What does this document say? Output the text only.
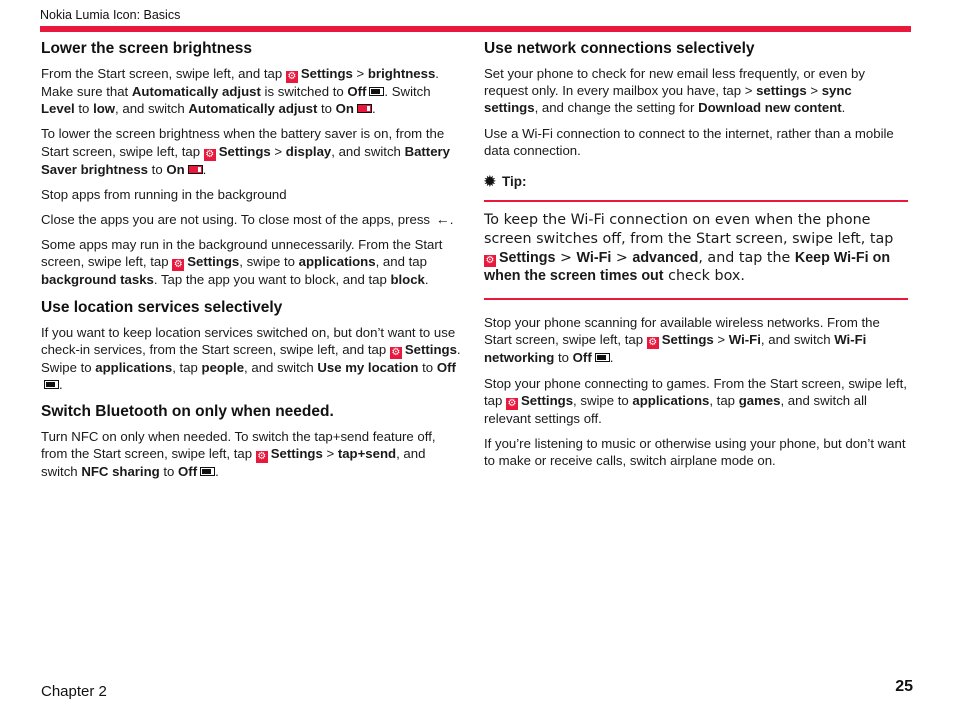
Nokia Lumia Icon: Basics
Lower the screen brightness

From the Start screen, swipe left, and tap ⚙ Settings > brightness. Make sure that Automatically adjust is switched to Off . Switch Level to low, and switch Automatically adjust to On .

To lower the screen brightness when the battery saver is on, from the Start screen, swipe left, tap ⚙ Settings > display, and switch Battery Saver brightness to On .

Stop apps from running in the background

Close the apps you are not using. To close most of the apps, press ←.

Some apps may run in the background unnecessarily. From the Start screen, swipe left, tap ⚙ Settings, swipe to applications, and tap background tasks. Tap the app you want to block, and tap block.

Use location services selectively

If you want to keep location services switched on, but don’t want to use check-in services, from the Start screen, swipe left, and tap ⚙ Settings. Swipe to applications, tap people, and switch Use my location to Off.

Switch Bluetooth on only when needed.

Turn NFC on only when needed. To switch the tap+send feature off, from the Start screen, swipe left, tap ⚙ Settings > tap+send, and switch NFC sharing to Off .

Use network connections selectively

Set your phone to check for new email less frequently, or even by request only. In every mailbox you have, tap > settings > sync settings, and change the setting for Download new content.

Use a Wi-Fi connection to connect to the internet, rather than a mobile data connection.

✹ Tip:

To keep the Wi-Fi connection on even when the phone screen switches off, from the Start screen, swipe left, tap ⚙ Settings > Wi-Fi > advanced, and tap the Keep Wi-Fi on when the screen times out check box.

Stop your phone scanning for available wireless networks. From the Start screen, swipe left, tap ⚙ Settings > Wi-Fi, and switch Wi-Fi networking to Off .

Stop your phone connecting to games. From the Start screen, swipe left, tap ⚙ Settings, swipe to applications, tap games, and switch all relevant settings off.

If you’re listening to music or otherwise using your phone, but don’t want to make or receive calls, switch airplane mode on.

Chapter 2	25
